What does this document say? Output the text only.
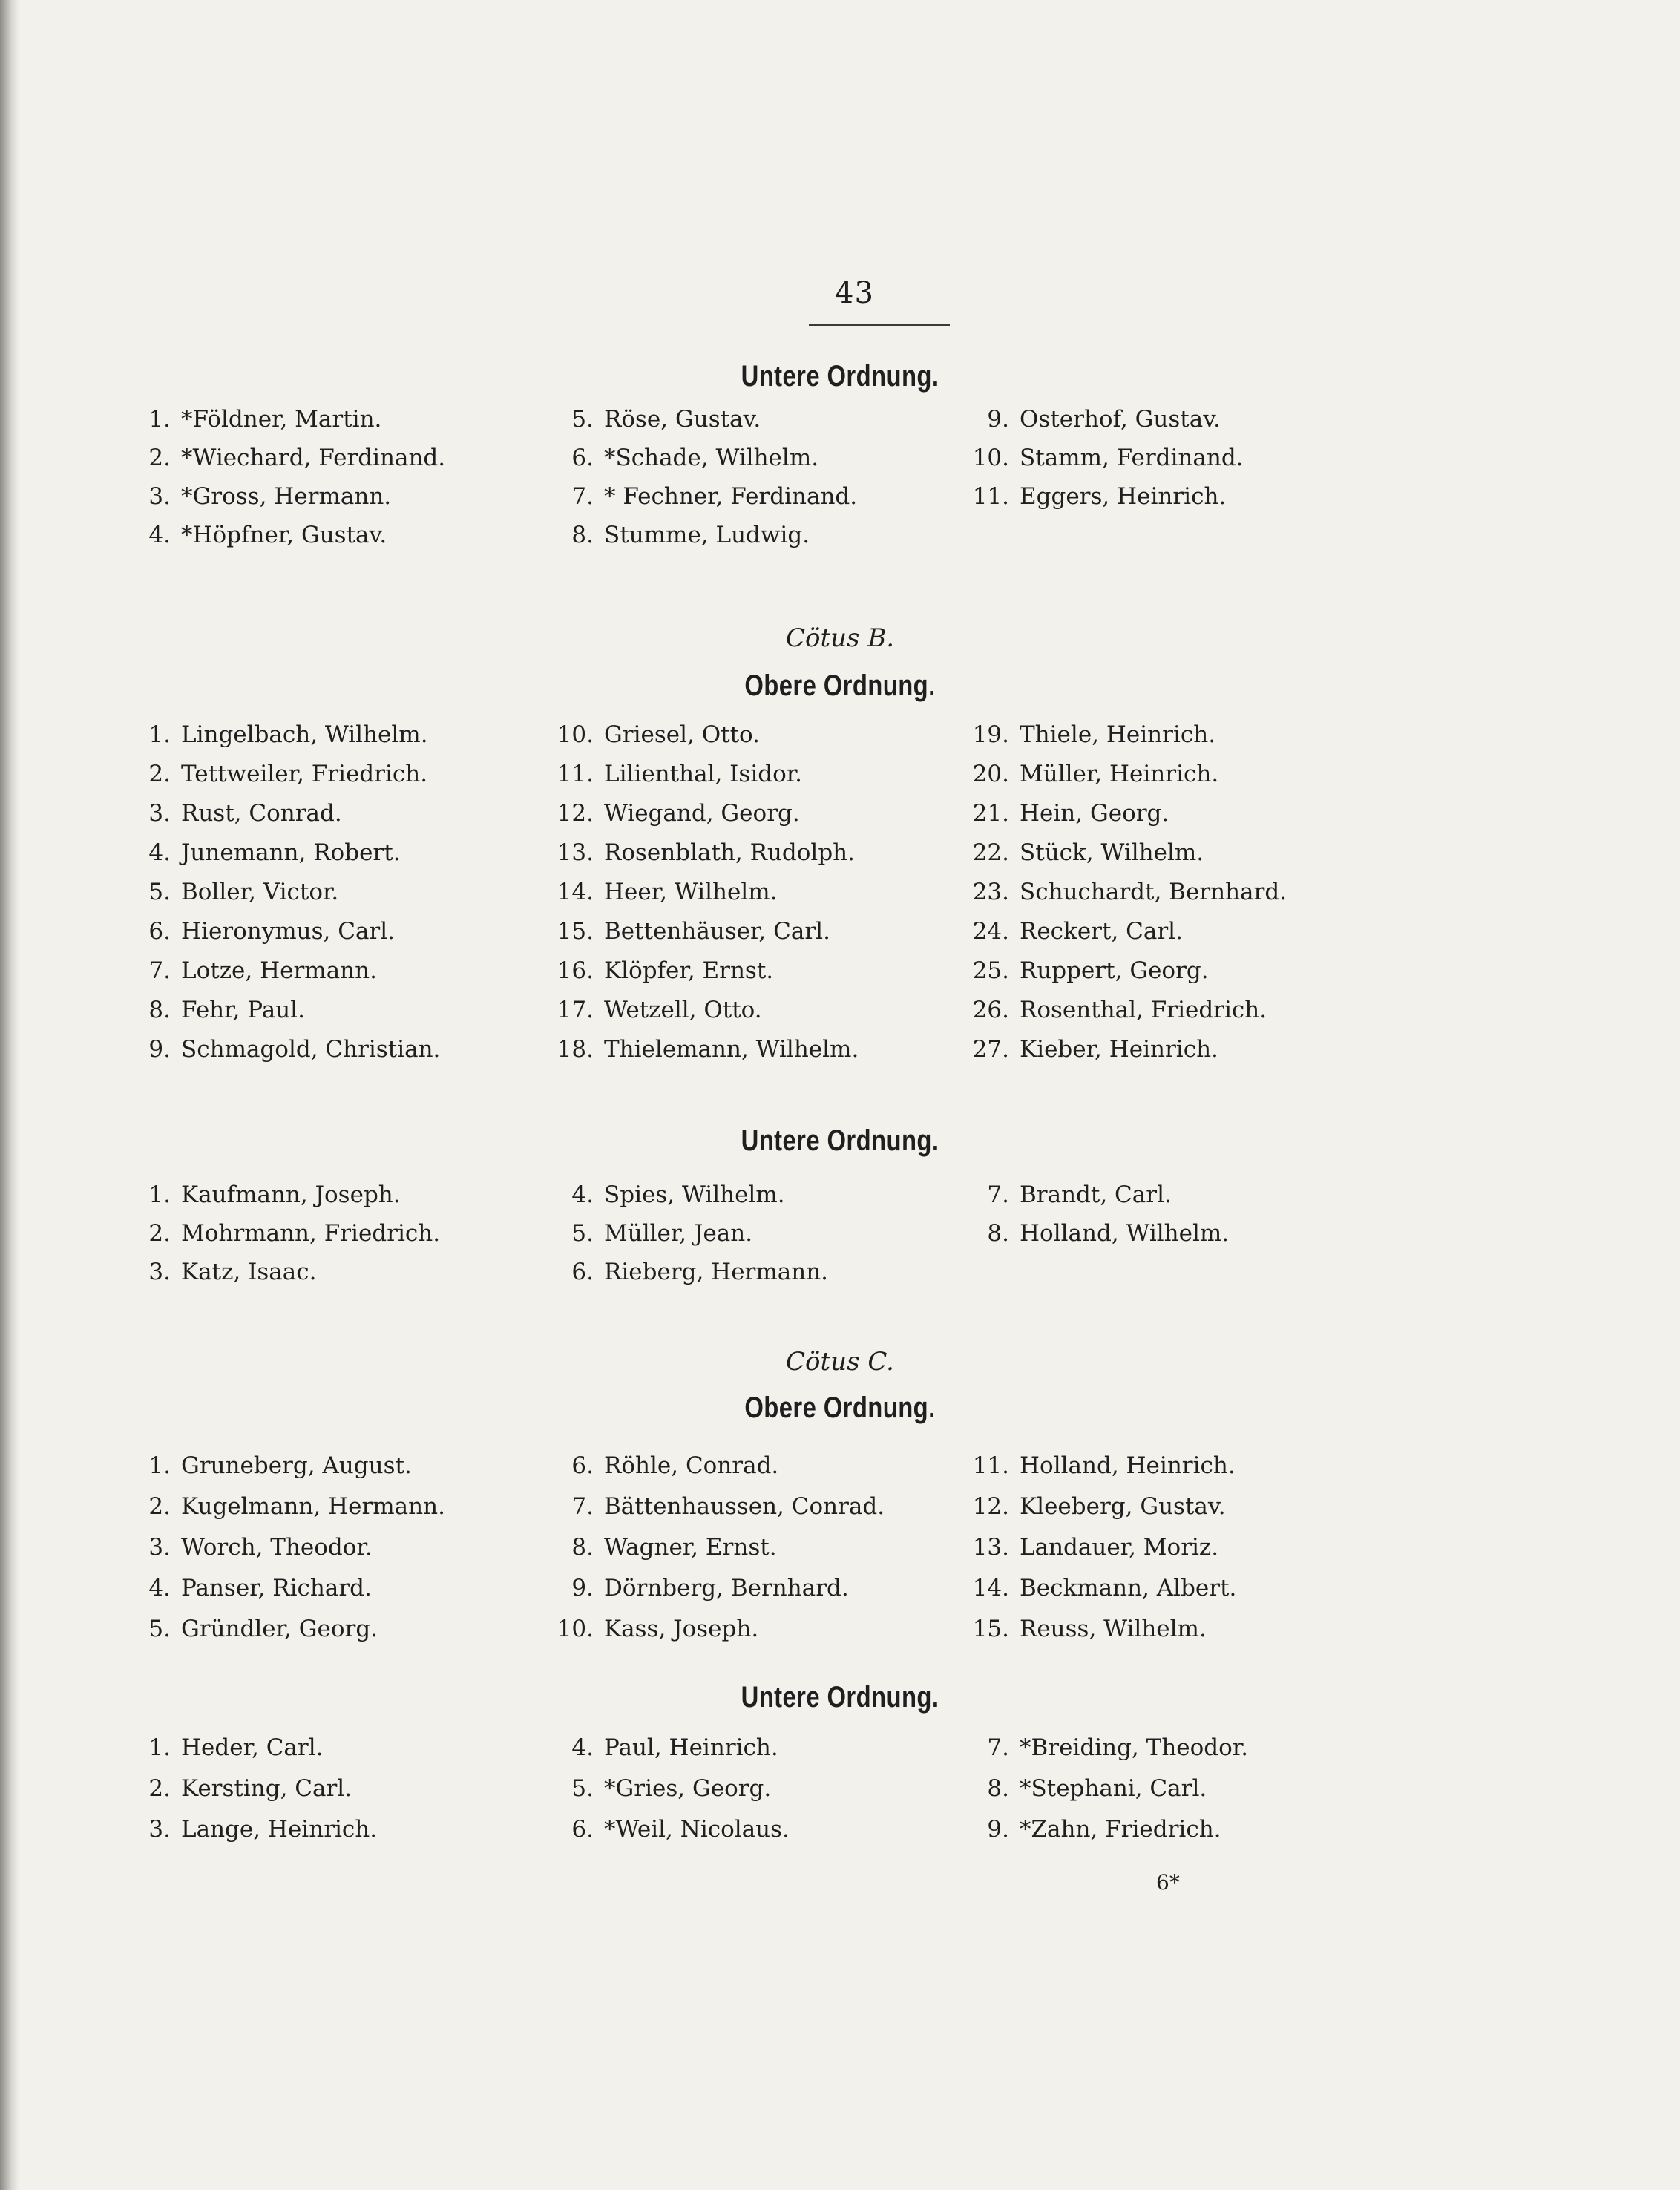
43
Untere Ordnung.
1. *Földner, Martin.
2. *Wiechard, Ferdinand.
3. *Gross, Hermann.
4. *Höpfner, Gustav.
5. Röse, Gustav.
6. *Schade, Wilhelm.
7. * Fechner, Ferdinand.
8. Stumme, Ludwig.
9. Osterhof, Gustav.
10. Stamm, Ferdinand.
11. Eggers, Heinrich.
Cötus B.
Obere Ordnung.
1. Lingelbach, Wilhelm.
2. Tettweiler, Friedrich.
3. Rust, Conrad.
4. Junemann, Robert.
5. Boller, Victor.
6. Hieronymus, Carl.
7. Lotze, Hermann.
8. Fehr, Paul.
9. Schmagold, Christian.
10. Griesel, Otto.
11. Lilienthal, Isidor.
12. Wiegand, Georg.
13. Rosenblath, Rudolph.
14. Heer, Wilhelm.
15. Bettenhäuser, Carl.
16. Klöpfer, Ernst.
17. Wetzell, Otto.
18. Thielemann, Wilhelm.
19. Thiele, Heinrich.
20. Müller, Heinrich.
21. Hein, Georg.
22. Stück, Wilhelm.
23. Schuchardt, Bernhard.
24. Reckert, Carl.
25. Ruppert, Georg.
26. Rosenthal, Friedrich.
27. Kieber, Heinrich.
Untere Ordnung.
1. Kaufmann, Joseph.
2. Mohrmann, Friedrich.
3. Katz, Isaac.
4. Spies, Wilhelm.
5. Müller, Jean.
6. Rieberg, Hermann.
7. Brandt, Carl.
8. Holland, Wilhelm.
Cötus C.
Obere Ordnung.
1. Gruneberg, August.
2. Kugelmann, Hermann.
3. Worch, Theodor.
4. Panser, Richard.
5. Gründler, Georg.
6. Röhle, Conrad.
7. Bättenhaussen, Conrad.
8. Wagner, Ernst.
9. Dörnberg, Bernhard.
10. Kass, Joseph.
11. Holland, Heinrich.
12. Kleeberg, Gustav.
13. Landauer, Moriz.
14. Beckmann, Albert.
15. Reuss, Wilhelm.
Untere Ordnung.
1. Heder, Carl.
2. Kersting, Carl.
3. Lange, Heinrich.
4. Paul, Heinrich.
5. *Gries, Georg.
6. *Weil, Nicolaus.
7. *Breiding, Theodor.
8. *Stephani, Carl.
9. *Zahn, Friedrich.
6*
